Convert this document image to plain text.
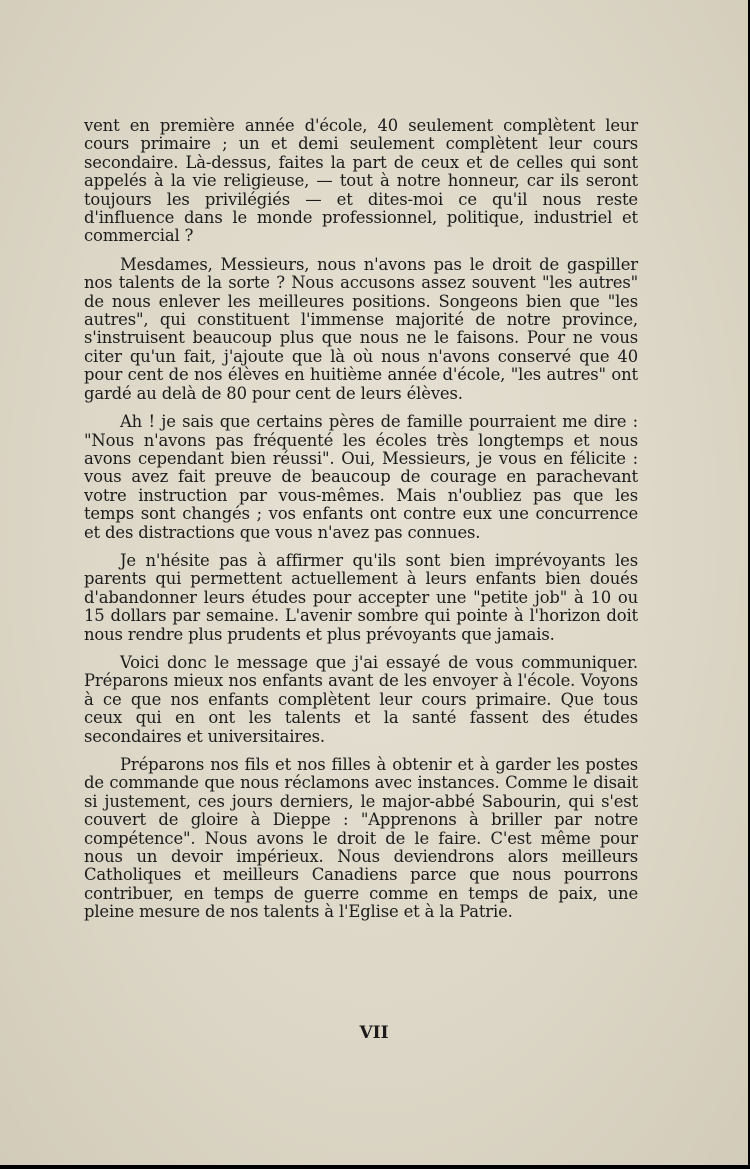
vent en première année d'école, 40 seulement complètent leur cours primaire ; un et demi seulement complètent leur cours secondaire. Là-dessus, faites la part de ceux et de celles qui sont appelés à la vie religieuse, — tout à notre honneur, car ils seront toujours les privilégiés — et dites-moi ce qu'il nous reste d'influence dans le monde professionnel, politique, industriel et commercial ?

Mesdames, Messieurs, nous n'avons pas le droit de gaspiller nos talents de la sorte ? Nous accusons assez souvent "les autres" de nous enlever les meilleures positions. Songeons bien que "les autres", qui constituent l'immense majorité de notre province, s'instruisent beaucoup plus que nous ne le faisons. Pour ne vous citer qu'un fait, j'ajoute que là où nous n'avons conservé que 40 pour cent de nos élèves en huitième année d'école, "les autres" ont gardé au delà de 80 pour cent de leurs élèves.

Ah ! je sais que certains pères de famille pourraient me dire : "Nous n'avons pas fréquenté les écoles très longtemps et nous avons cependant bien réussi". Oui, Messieurs, je vous en félicite : vous avez fait preuve de beaucoup de courage en parachevant votre instruction par vous-mêmes. Mais n'oubliez pas que les temps sont changés ; vos enfants ont contre eux une concurrence et des distractions que vous n'avez pas connues.

Je n'hésite pas à affirmer qu'ils sont bien imprévoyants les parents qui permettent actuellement à leurs enfants bien doués d'abandonner leurs études pour accepter une "petite job" à 10 ou 15 dollars par semaine. L'avenir sombre qui pointe à l'horizon doit nous rendre plus prudents et plus prévoyants que jamais.

Voici donc le message que j'ai essayé de vous communiquer. Préparons mieux nos enfants avant de les envoyer à l'école. Voyons à ce que nos enfants complètent leur cours primaire. Que tous ceux qui en ont les talents et la santé fassent des études secondaires et universitaires.

Préparons nos fils et nos filles à obtenir et à garder les postes de commande que nous réclamons avec instances. Comme le disait si justement, ces jours derniers, le major-abbé Sabourin, qui s'est couvert de gloire à Dieppe : "Apprenons à briller par notre compétence". Nous avons le droit de le faire. C'est même pour nous un devoir impérieux. Nous deviendrons alors meilleurs Catholiques et meilleurs Canadiens parce que nous pourrons contribuer, en temps de guerre comme en temps de paix, une pleine mesure de nos talents à l'Eglise et à la Patrie.

VII
